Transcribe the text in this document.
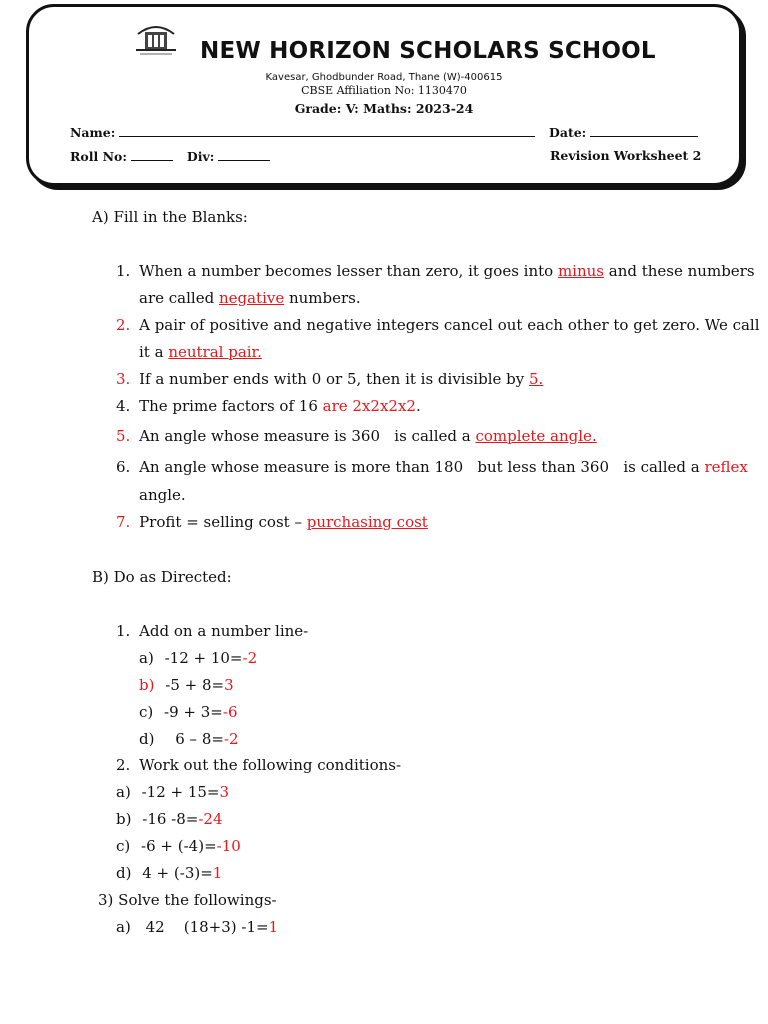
NEW HORIZON SCHOLARS SCHOOL
Kavesar, Ghodbunder Road, Thane (W)-400615
CBSE Affiliation No: 1130470
Grade: V: Maths: 2023-24
Name:	Date:
Roll No:	Div:	Revision Worksheet 2
A) Fill in the Blanks:
1. When a number becomes lesser than zero, it goes into minus and these numbers
are called negative numbers.
2. A pair of positive and negative integers cancel out each other to get zero. We call
it a neutral pair.
3. If a number ends with 0 or 5, then it is divisible by 5.
4. The prime factors of 16 are 2x2x2x2.
5. An angle whose measure is 360   is called a complete angle.
6. An angle whose measure is more than 180   but less than 360   is called a reflex
angle.
7. Profit = selling cost – purchasing cost
B) Do as Directed:
1. Add on a number line-
a) -12 + 10=-2
b) -5 + 8=3
c) -9 + 3=-6
d) 6 – 8=-2
2. Work out the following conditions-
a) -12 + 15=3
b) -16 -8=-24
c) -6 + (-4)=-10
d) 4 + (-3)=1
3) Solve the followings-
a) 42    (18+3) -1=1
